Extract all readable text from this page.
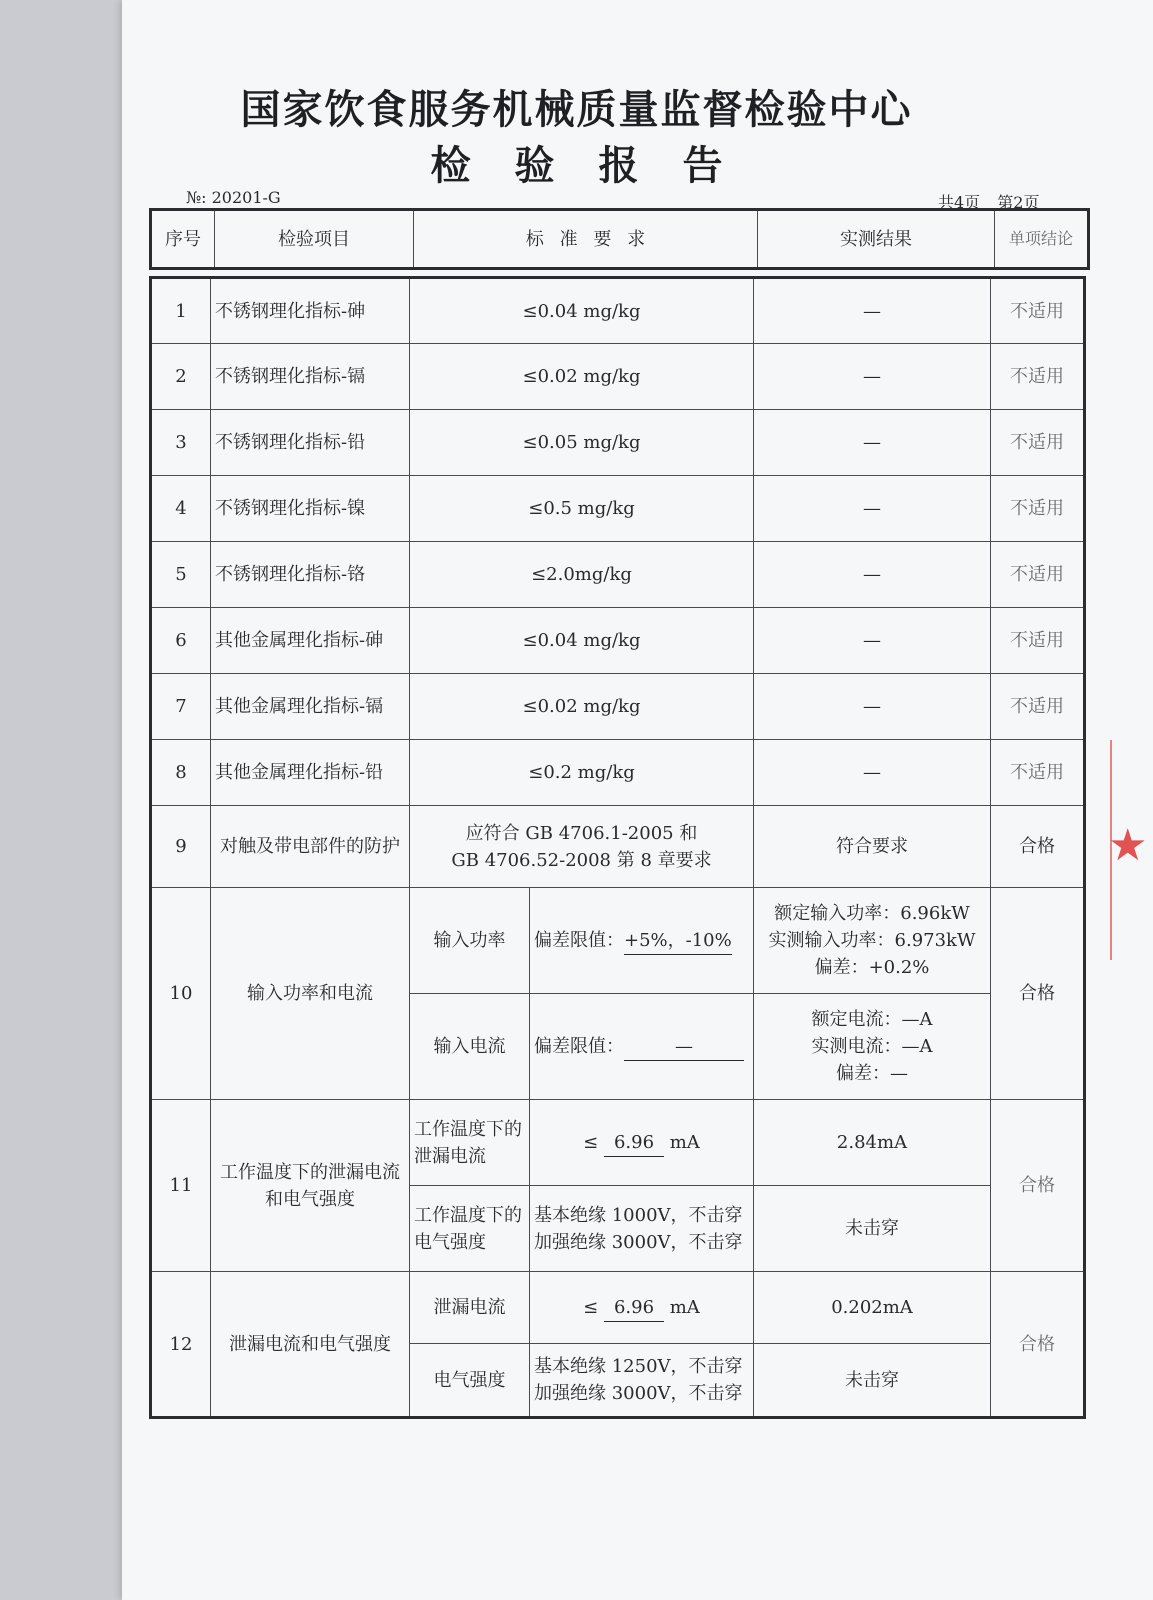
国家饮食服务机械质量监督检验中心
检验报告
№: 20201-G	共4页 第2页
序号	检验项目	标 准 要 求	实测结果	单项结论
1	不锈钢理化指标-砷	≤0.04 mg/kg		—	不适用
2	不锈钢理化指标-镉	≤0.02 mg/kg		—	不适用
3	不锈钢理化指标-铅	≤0.05 mg/kg		—	不适用
4	不锈钢理化指标-镍	≤0.5 mg/kg		—	不适用
5	不锈钢理化指标-铬	≤2.0mg/kg		—	不适用
6	其他金属理化指标-砷	≤0.04 mg/kg		—	不适用
7	其他金属理化指标-镉	≤0.02 mg/kg		—	不适用
8	其他金属理化指标-铅	≤0.2 mg/kg		—	不适用
9	对触及带电部件的防护	应符合 GB 4706.1-2005 和
GB 4706.52-2008 第 8 章要求		符合要求	合格
10	输入功率和电流	输入功率	偏差限值：+5%，-10%	额定输入功率：6.96kW
实测输入功率：6.973kW
偏差：+0.2%	合格
		输入电流	偏差限值： —	额定电流：—A
实测电流：—A
偏差：—	

11	工作温度下的泄漏电流和电气强度	工作温度下的泄漏电流	≤ 6.96 mA	2.84mA	合格
		工作温度下的电气强度	基本绝缘 1000V，不击穿
加强绝缘 3000V，不击穿	未击穿	
12	泄漏电流和电气强度	泄漏电流	≤ 6.96 mA	0.202mA	合格
		电气强度	基本绝缘 1250V，不击穿
加强绝缘 3000V，不击穿	未击穿	
★
